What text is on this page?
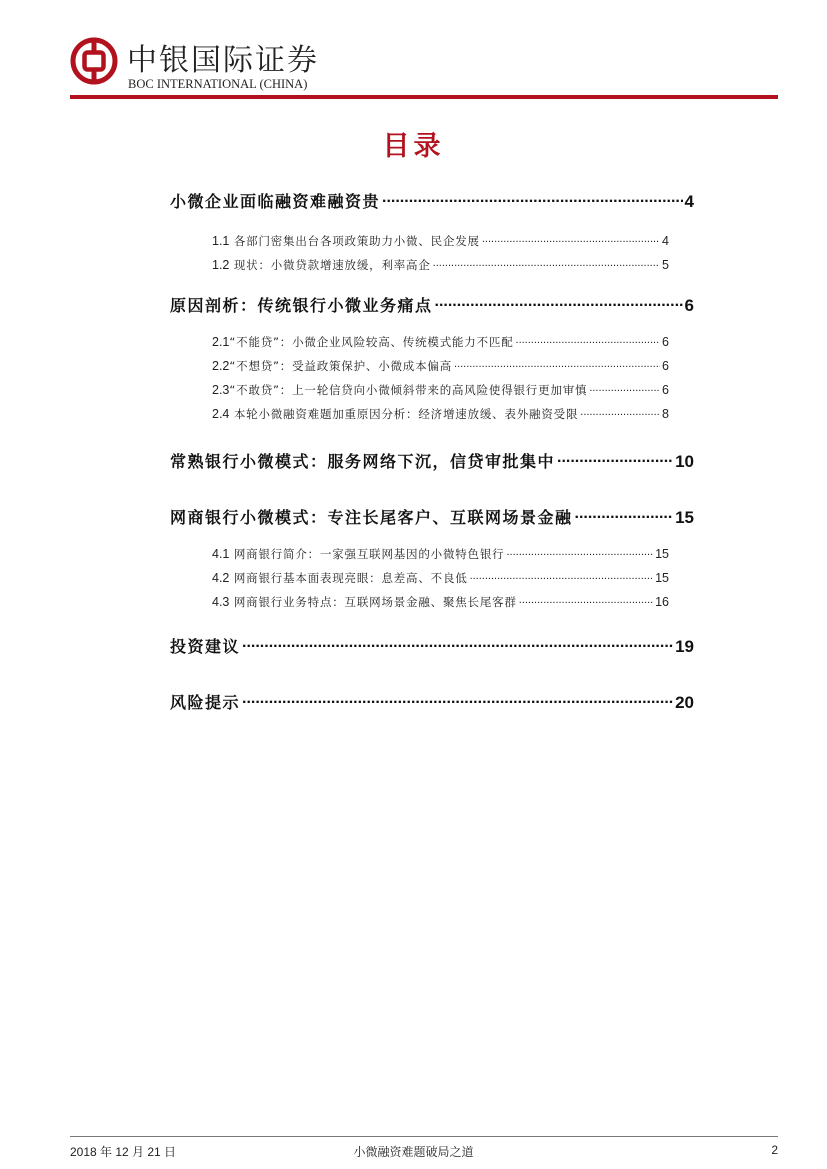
中银国际证券
BOC INTERNATIONAL (CHINA)
目录
小微企业面临融资难融资贵 .....	4
1.1 各部门密集出台各项政策助力小微、民企发展 .....	4
1.2 现状：小微贷款增速放缓，利率高企 .....	5
原因剖析：传统银行小微业务痛点 .....	6
2.1“不能贷”：小微企业风险较高、传统模式能力不匹配 .....	6
2.2“不想贷”：受益政策保护、小微成本偏高 .....	6
2.3“不敢贷”：上一轮信贷向小微倾斜带来的高风险使得银行更加审慎 .....	6
2.4 本轮小微融资难题加重原因分析：经济增速放缓、表外融资受限 .....	8
常熟银行小微模式：服务网络下沉，信贷审批集中 .....	10
网商银行小微模式：专注长尾客户、互联网场景金融 .....	15
4.1 网商银行简介：一家强互联网基因的小微特色银行 .....	15
4.2 网商银行基本面表现亮眼：息差高、不良低 .....	15
4.3 网商银行业务特点：互联网场景金融、聚焦长尾客群 .....	16
投资建议 .....	19
风险提示 .....	20
2018 年 12 月 21 日	小微融资难题破局之道	2
